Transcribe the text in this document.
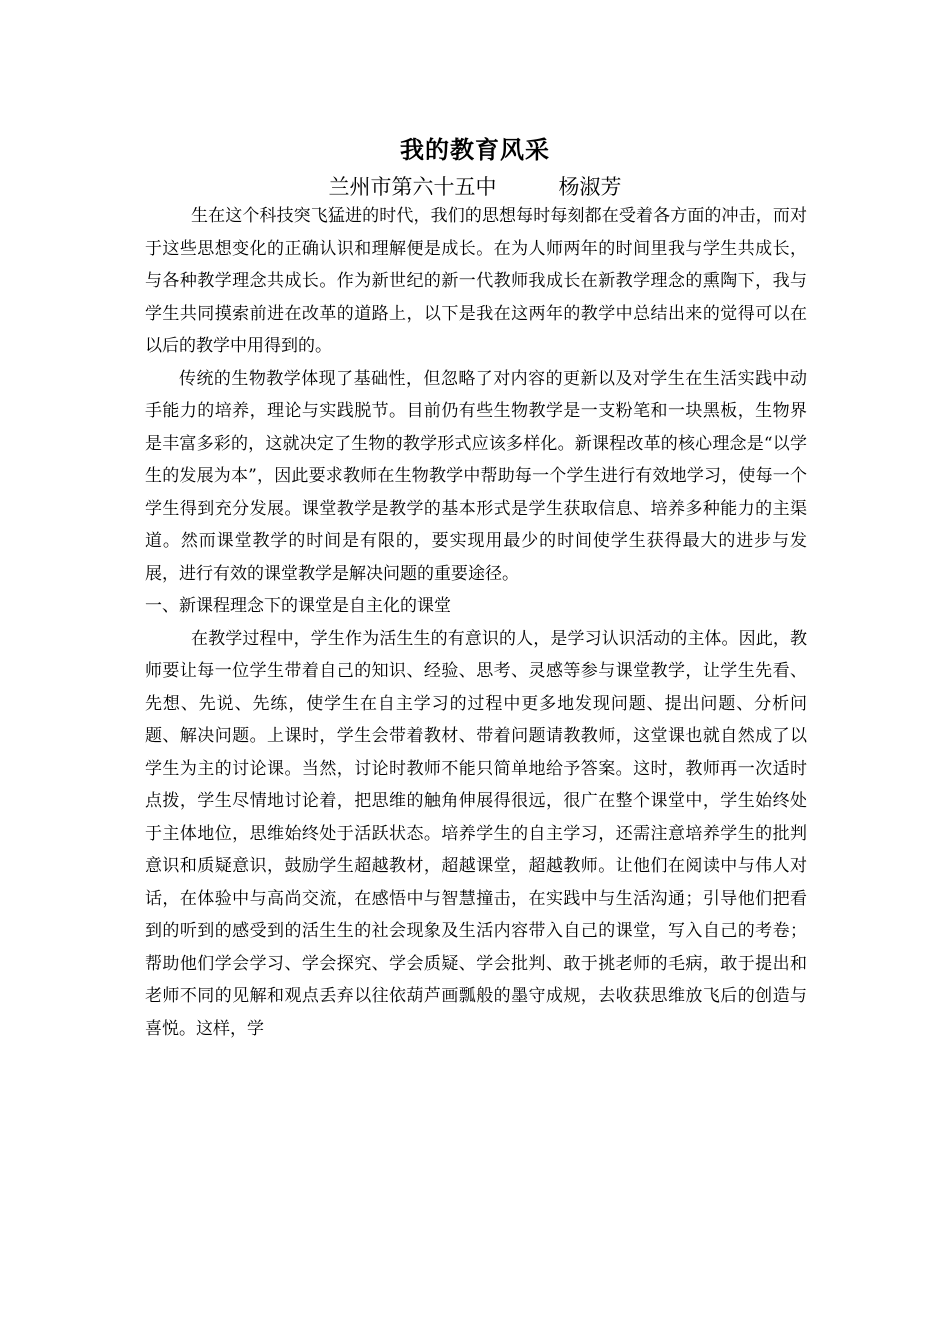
我的教育风采
兰州市第六十五中	杨淑芳

生在这个科技突飞猛进的时代，我们的思想每时每刻都在受着各方面的冲击，而对于这些思想变化的正确认识和理解便是成长。在为人师两年的时间里我与学生共成长，与各种教学理念共成长。作为新世纪的新一代教师我成长在新教学理念的熏陶下，我与学生共同摸索前进在改革的道路上，以下是我在这两年的教学中总结出来的觉得可以在以后的教学中用得到的。

传统的生物教学体现了基础性，但忽略了对内容的更新以及对学生在生活实践中动手能力的培养，理论与实践脱节。目前仍有些生物教学是一支粉笔和一块黑板，生物界是丰富多彩的，这就决定了生物的教学形式应该多样化。新课程改革的核心理念是“以学生的发展为本”，因此要求教师在生物教学中帮助每一个学生进行有效地学习，使每一个学生得到充分发展。课堂教学是教学的基本形式是学生获取信息、培养多种能力的主渠道。然而课堂教学的时间是有限的，要实现用最少的时间使学生获得最大的进步与发展，进行有效的课堂教学是解决问题的重要途径。

一、新课程理念下的课堂是自主化的课堂

在教学过程中，学生作为活生生的有意识的人，是学习认识活动的主体。因此，教师要让每一位学生带着自己的知识、经验、思考、灵感等参与课堂教学，让学生先看、先想、先说、先练，使学生在自主学习的过程中更多地发现问题、提出问题、分析问题、解决问题。上课时，学生会带着教材、带着问题请教教师，这堂课也就自然成了以学生为主的讨论课。当然，讨论时教师不能只简单地给予答案。这时，教师再一次适时点拨，学生尽情地讨论着，把思维的触角伸展得很远，很广在整个课堂中，学生始终处于主体地位，思维始终处于活跃状态。培养学生的自主学习，还需注意培养学生的批判意识和质疑意识，鼓励学生超越教材，超越课堂，超越教师。让他们在阅读中与伟人对话，在体验中与高尚交流，在感悟中与智慧撞击，在实践中与生活沟通；引导他们把看到的听到的感受到的活生生的社会现象及生活内容带入自己的课堂，写入自己的考卷；帮助他们学会学习、学会探究、学会质疑、学会批判、敢于挑老师的毛病，敢于提出和老师不同的见解和观点丢弃以往依葫芦画瓢般的墨守成规，去收获思维放飞后的创造与喜悦。这样，学
